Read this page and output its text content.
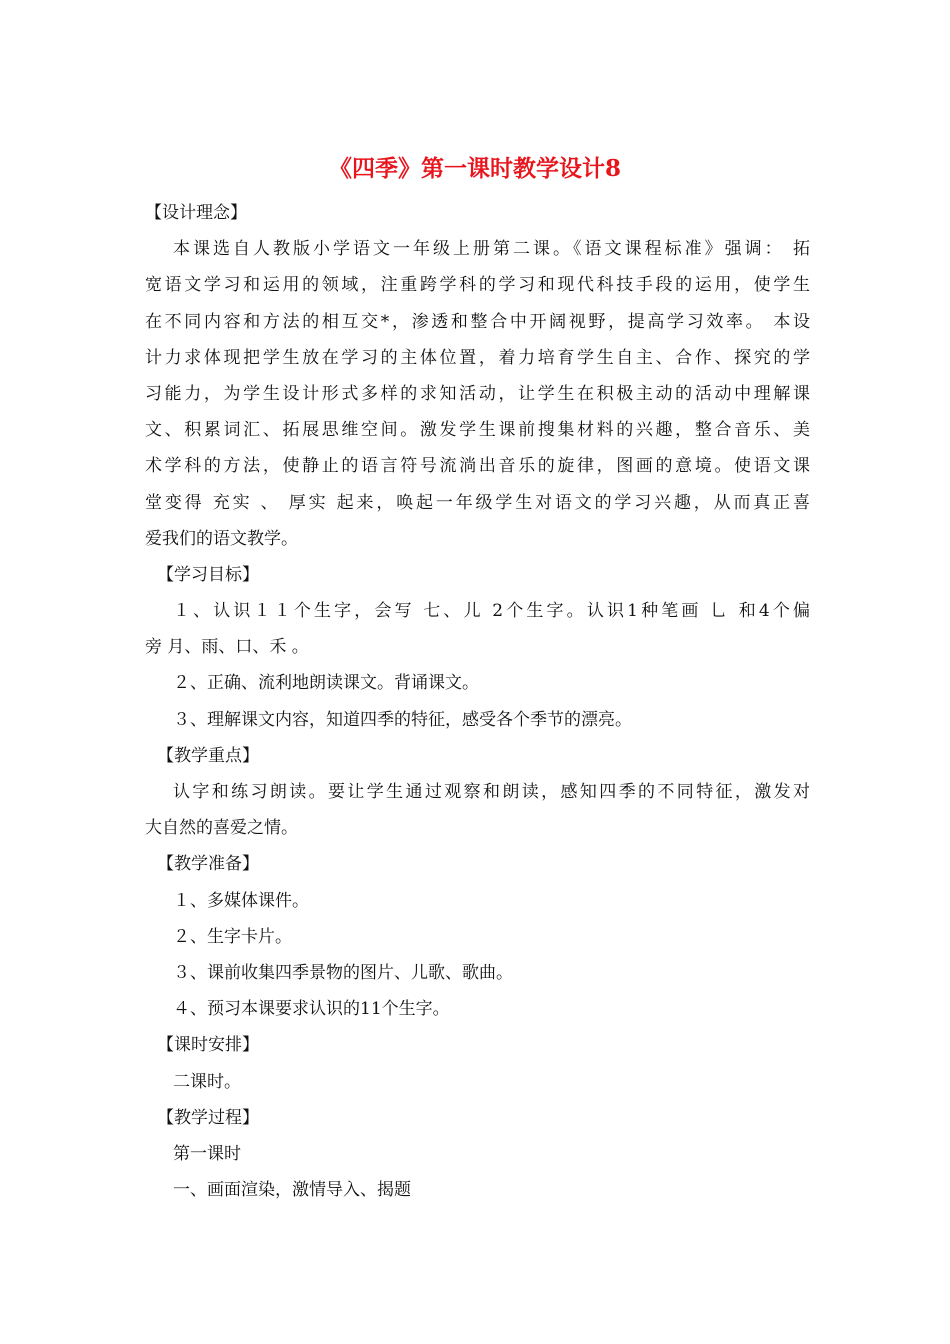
《四季》第一课时教学设计8
【设计理念】
本课选自人教版小学语文一年级上册第二课。《语文课程标准》强调： 拓
宽语文学习和运用的领域，注重跨学科的学习和现代科技手段的运用，使学生
在不同内容和方法的相互交*，渗透和整合中开阔视野，提高学习效率。 本设
计力求体现把学生放在学习的主体位置，着力培育学生自主、合作、探究的学
习能力，为学生设计形式多样的求知活动，让学生在积极主动的活动中理解课
文、积累词汇、拓展思维空间。激发学生课前搜集材料的兴趣，整合音乐、美
术学科的方法，使静止的语言符号流淌出音乐的旋律，图画的意境。使语文课
堂变得 充实 、 厚实 起来，唤起一年级学生对语文的学习兴趣，从而真正喜
爱我们的语文教学。
【学习目标】
１、认识１１个生字，会写 七、儿 2个生字。认识1种笔画 乚 和4个偏
旁 月、雨、口、禾 。
２、正确、流利地朗读课文。背诵课文。
３、理解课文内容，知道四季的特征，感受各个季节的漂亮。
【教学重点】
认字和练习朗读。要让学生通过观察和朗读，感知四季的不同特征，激发对
大自然的喜爱之情。
【教学准备】
１、多媒体课件。
２、生字卡片。
３、课前收集四季景物的图片、儿歌、歌曲。
４、预习本课要求认识的11个生字。
【课时安排】
二课时。
【教学过程】
第一课时
一、画面渲染，激情导入、揭题
